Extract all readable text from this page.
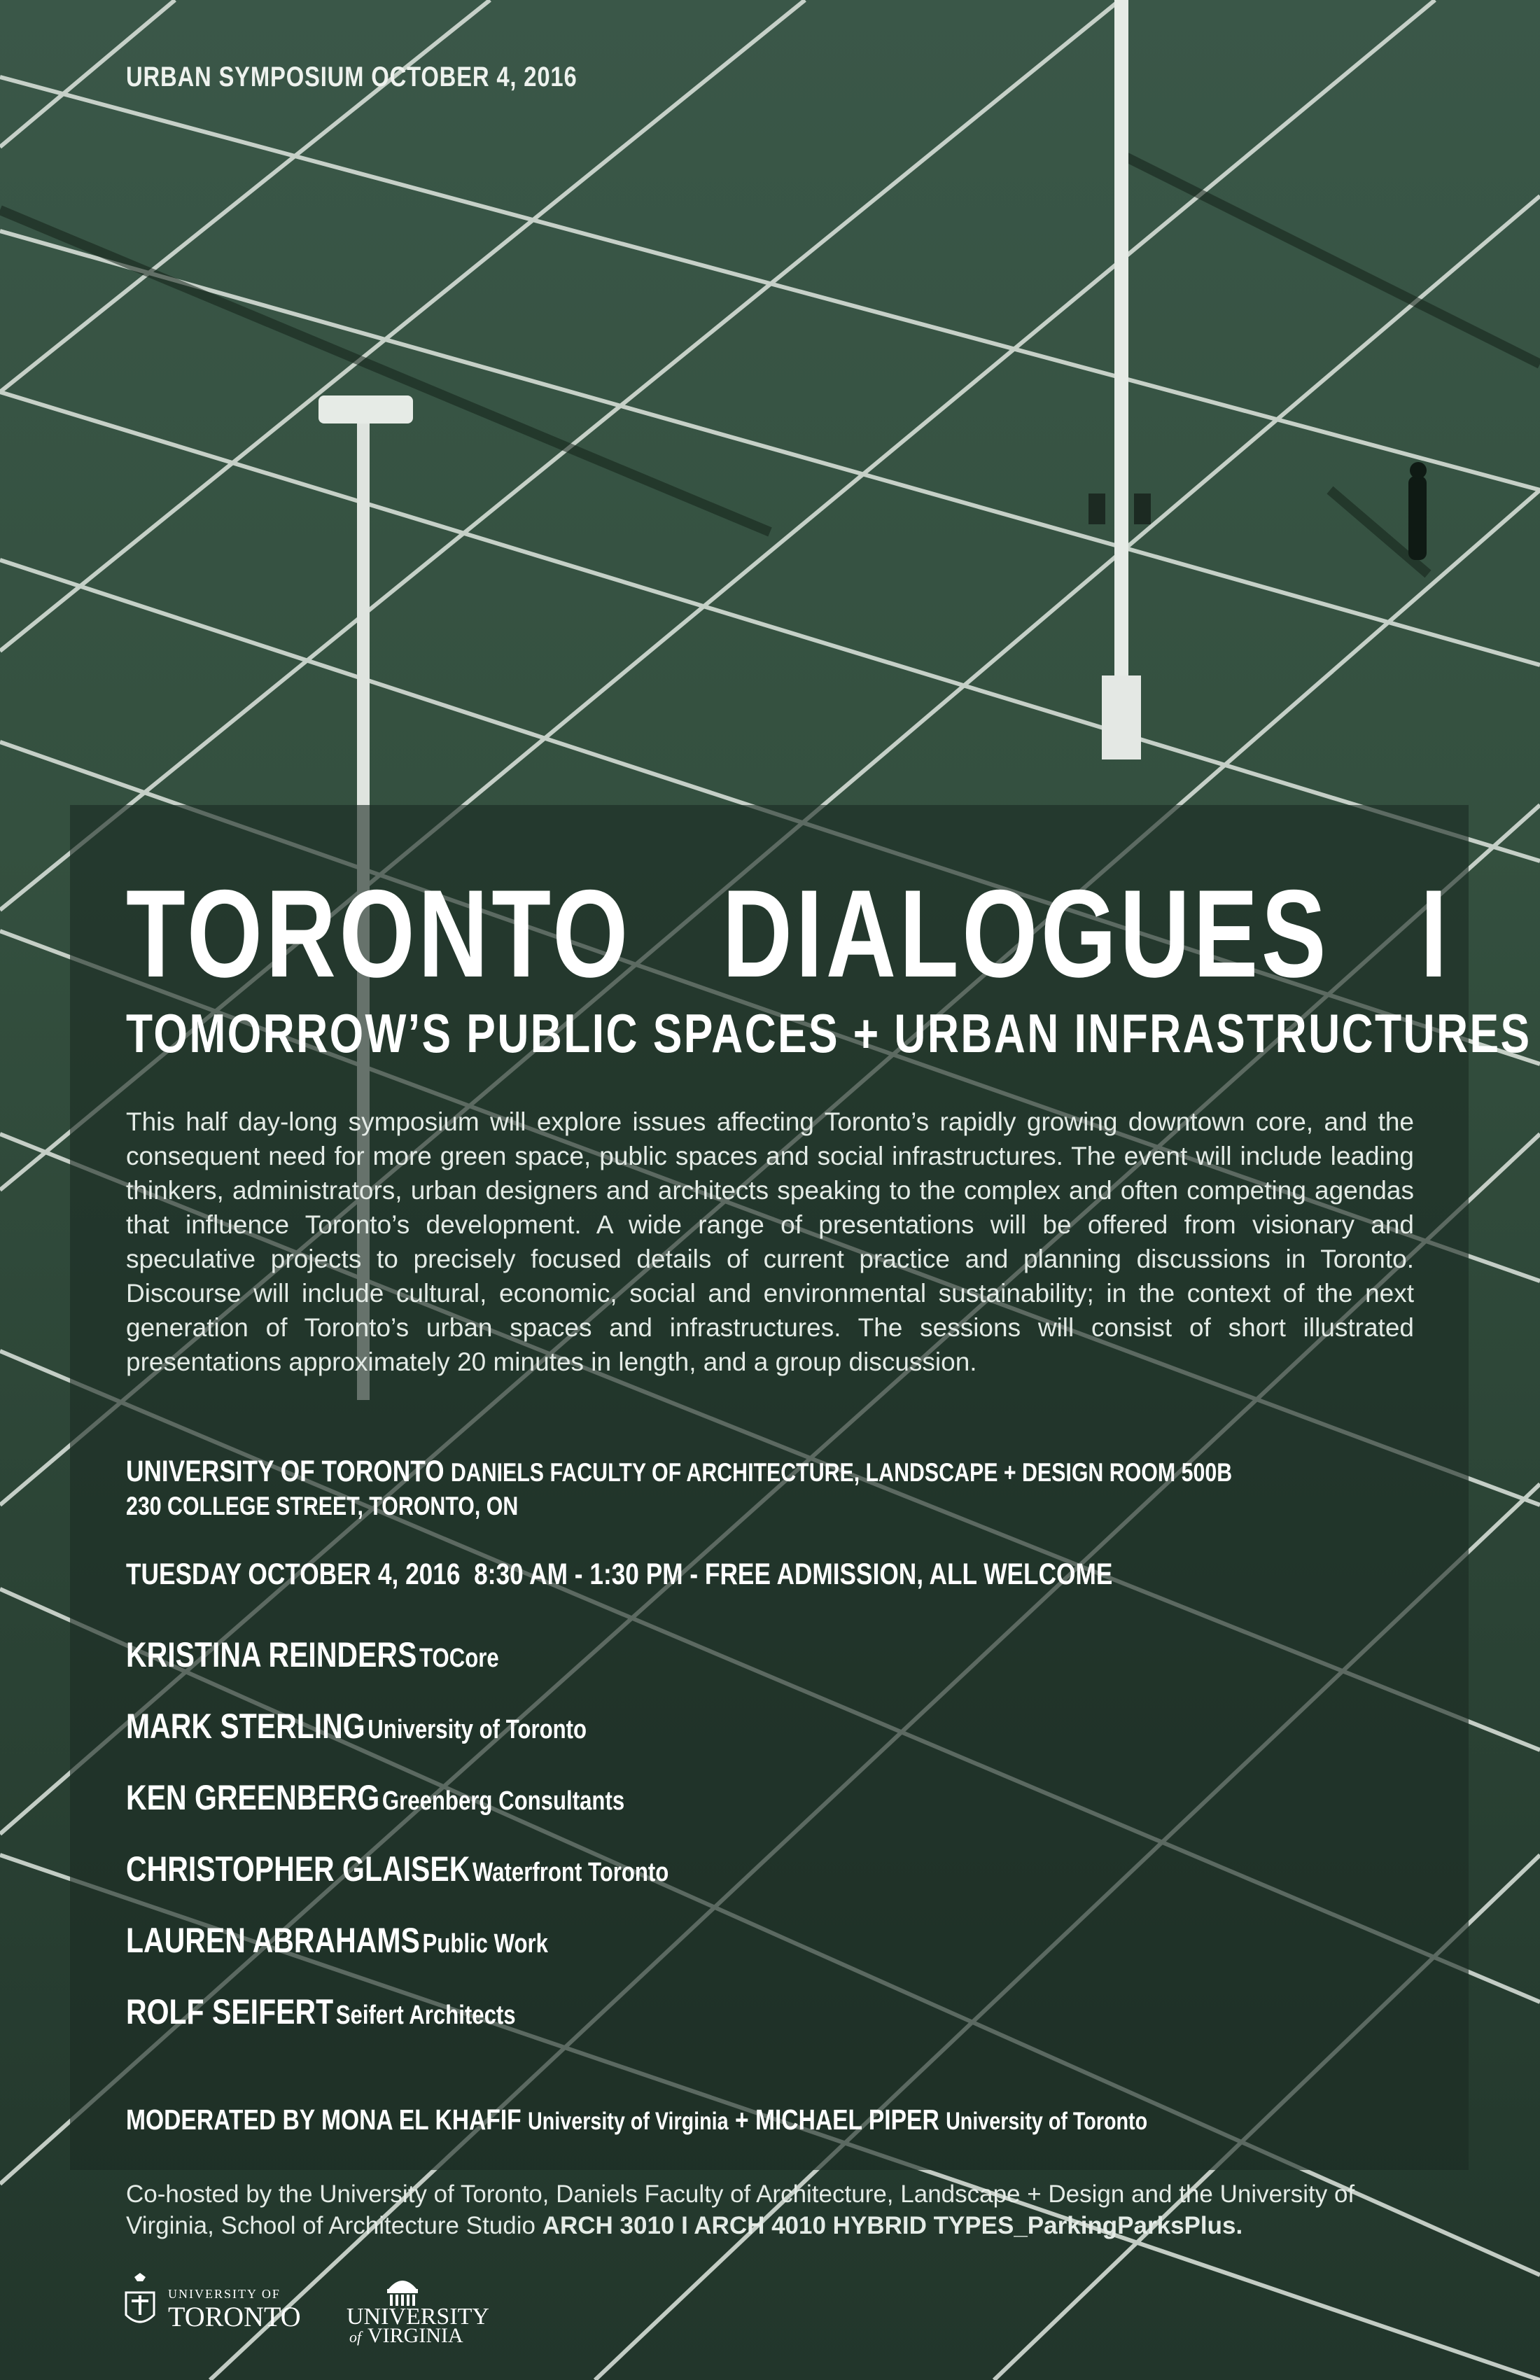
URBAN SYMPOSIUM OCTOBER 4, 2016
TORONTO   DIALOGUES   I
TOMORROW’S PUBLIC SPACES + URBAN INFRASTRUCTURES
This half day-long symposium will explore issues affecting Toronto’s rapidly growing downtown core, and the consequent need for more green space, public spaces and social infrastructures. The event will include leading thinkers, administrators, urban designers and architects speaking to the complex and often competing agendas that influence Toronto’s development. A wide range of presentations will be offered from visionary and speculative projects to precisely focused details of current practice and planning discussions in Toronto. Discourse will include cultural, economic, social and environmental sustainability; in the context of the next generation of Toronto’s urban spaces and infrastructures. The sessions will consist of short illustrated presentations approximately 20 minutes in length, and a group discussion.
UNIVERSITY OF TORONTO DANIELS FACULTY OF ARCHITECTURE, LANDSCAPE + DESIGN ROOM 500B
230 COLLEGE STREET, TORONTO, ON
TUESDAY OCTOBER 4, 2016  8:30 AM - 1:30 PM - FREE ADMISSION, ALL WELCOME
KRISTINA REINDERS TOCore
MARK STERLING University of Toronto
KEN GREENBERG Greenberg Consultants
CHRISTOPHER GLAISEK Waterfront Toronto
LAUREN ABRAHAMS Public Work
ROLF SEIFERT Seifert Architects
MODERATED BY MONA EL KHAFIF University of Virginia + MICHAEL PIPER University of Toronto
Co-hosted by the University of Toronto, Daniels Faculty of Architecture, Landscape + Design and the University of Virginia, School of Architecture Studio ARCH 3010 I ARCH 4010 HYBRID TYPES_ParkingParksPlus.
UNIVERSITY OF
TORONTO UNIVERSITY
of VIRGINIA
